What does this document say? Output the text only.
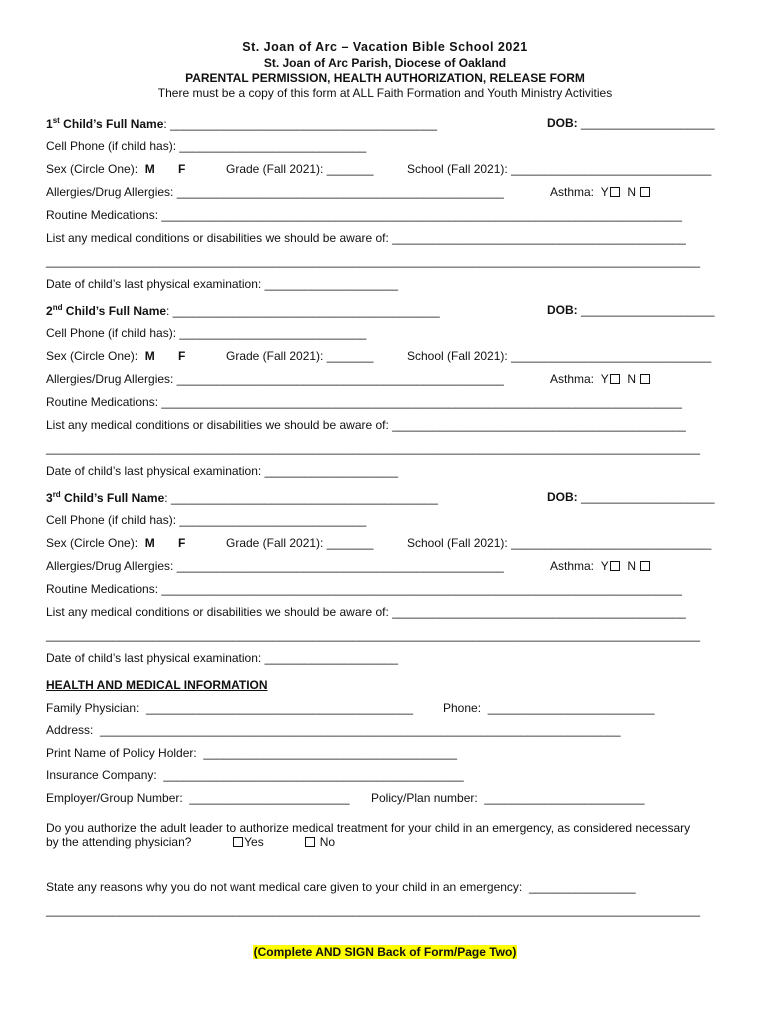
St. Joan of Arc – Vacation Bible School 2021
St. Joan of Arc Parish, Diocese of Oakland
PARENTAL PERMISSION, HEALTH AUTHORIZATION, RELEASE FORM
There must be a copy of this form at ALL Faith Formation and Youth Ministry Activities
1st Child’s Full Name: ________________________________________	DOB: ____________________
Cell Phone (if child has): ____________________________
Sex (Circle One): M F	Grade (Fall 2021): _______	School (Fall 2021): ______________________________
Allergies/Drug Allergies: _________________________________________________	Asthma: Y N
Routine Medications: ______________________________________________________________________________
List any medical conditions or disabilities we should be aware of: ____________________________________________
__________________________________________________________________________________________________
Date of child’s last physical examination: ____________________
2nd Child’s Full Name: ________________________________________	DOB: ____________________
Cell Phone (if child has): ____________________________
Sex (Circle One): M F	Grade (Fall 2021): _______	School (Fall 2021): ______________________________
Allergies/Drug Allergies: _________________________________________________	Asthma: Y N
Routine Medications: ______________________________________________________________________________
List any medical conditions or disabilities we should be aware of: ____________________________________________
__________________________________________________________________________________________________
Date of child’s last physical examination: ____________________
3rd Child’s Full Name: ________________________________________	DOB: ____________________
Cell Phone (if child has): ____________________________
Sex (Circle One): M F	Grade (Fall 2021): _______	School (Fall 2021): ______________________________
Allergies/Drug Allergies: _________________________________________________	Asthma: Y N
Routine Medications: ______________________________________________________________________________
List any medical conditions or disabilities we should be aware of: ____________________________________________
__________________________________________________________________________________________________
Date of child’s last physical examination: ____________________
HEALTH AND MEDICAL INFORMATION
Family Physician:  ________________________________________	Phone:  _________________________
Address:  ______________________________________________________________________________
Print Name of Policy Holder:  ______________________________________
Insurance Company:  _____________________________________________
Employer/Group Number:  ________________________ Policy/Plan number:  ________________________
Do you authorize the adult leader to authorize medical treatment for your child in an emergency, as considered necessary
by the attending physician?	Yes	No
State any reasons why you do not want medical care given to your child in an emergency:  ________________
__________________________________________________________________________________________________
(Complete AND SIGN Back of Form/Page Two)
